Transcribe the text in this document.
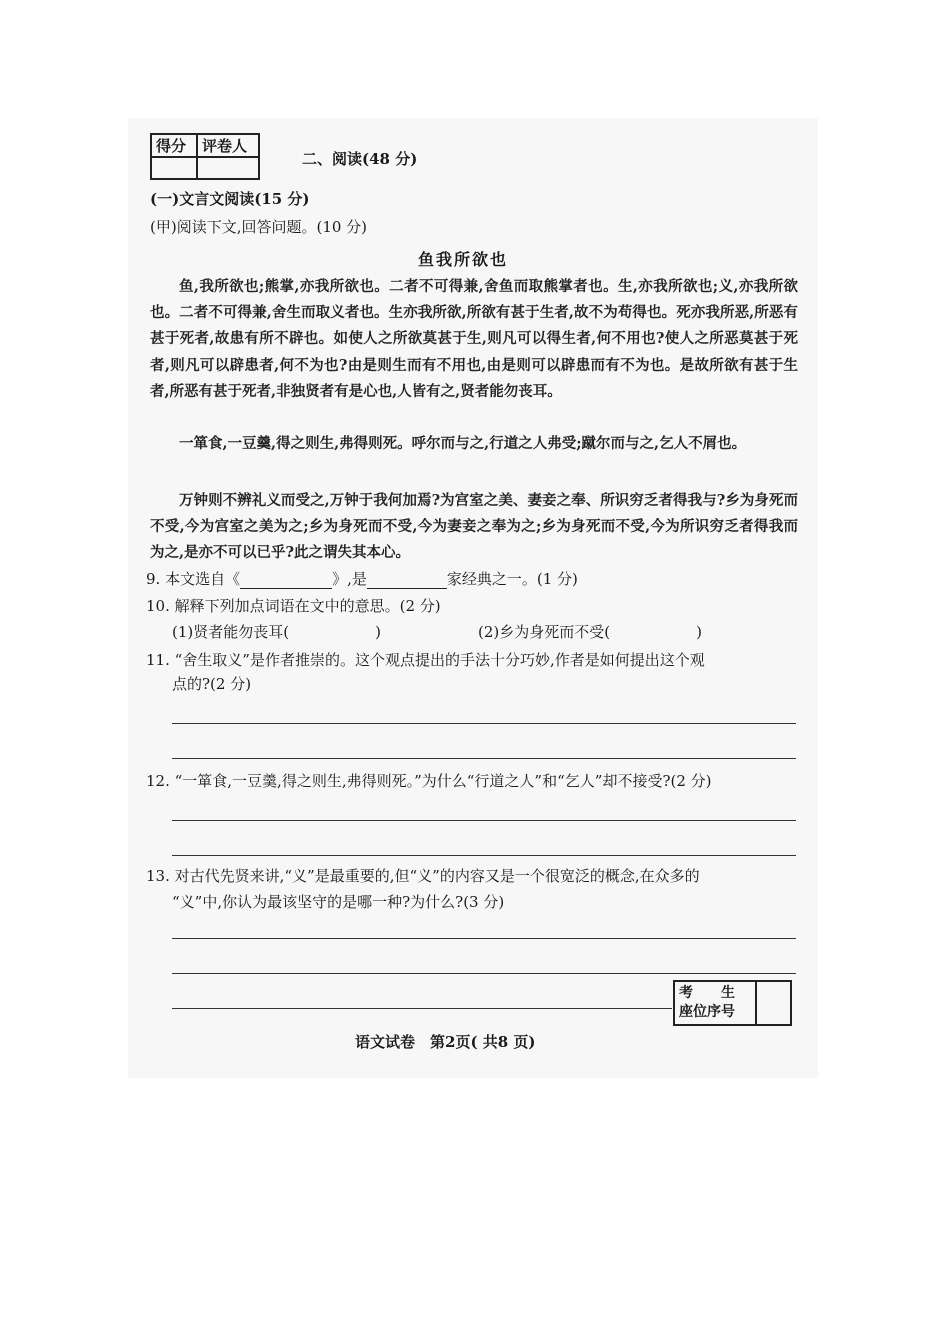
得分	评卷人

二、阅读(48 分)
(一)文言文阅读(15 分)
(甲)阅读下文,回答问题。(10 分)
鱼我所欲也
鱼,我所欲也;熊掌,亦我所欲也。二者不可得兼,舍鱼而取熊掌者也。生,亦我所欲也;义,亦我所欲也。二者不可得兼,舍生而取义者也。生亦我所欲,所欲有甚于生者,故不为苟得也。死亦我所恶,所恶有甚于死者,故患有所不辟也。如使人之所欲莫甚于生,则凡可以得生者,何不用也?使人之所恶莫甚于死者,则凡可以辟患者,何不为也?由是则生而有不用也,由是则可以辟患而有不为也。是故所欲有甚于生者,所恶有甚于死者,非独贤者有是心也,人皆有之,贤者能勿丧耳。
一箪食,一豆羹,得之则生,弗得则死。呼尔而与之,行道之人弗受;蹴尔而与之,乞人不屑也。
万钟则不辨礼义而受之,万钟于我何加焉?为宫室之美、妻妾之奉、所识穷乏者得我与?乡为身死而不受,今为宫室之美为之;乡为身死而不受,今为妻妾之奉为之;乡为身死而不受,今为所识穷乏者得我而为之,是亦不可以已乎?此之谓失其本心。
9. 本文选自《	》,是	家经典之一。(1 分)
10. 解释下列加点词语在文中的意思。(2 分)
(1)贤者能勿丧耳(	)	(2)乡为身死而不受(	)
11. “舍生取义”是作者推崇的。这个观点提出的手法十分巧妙,作者是如何提出这个观
点的?(2 分)
12. “一箪食,一豆羹,得之则生,弗得则死。”为什么“行道之人”和“乞人”却不接受?(2 分)
13. 对古代先贤来讲,“义”是最重要的,但“义”的内容又是一个很宽泛的概念,在众多的
“义”中,你认为最该坚守的是哪一种?为什么?(3 分)
考　　生
座位序号
语文试卷　第2页( 共8 页)
